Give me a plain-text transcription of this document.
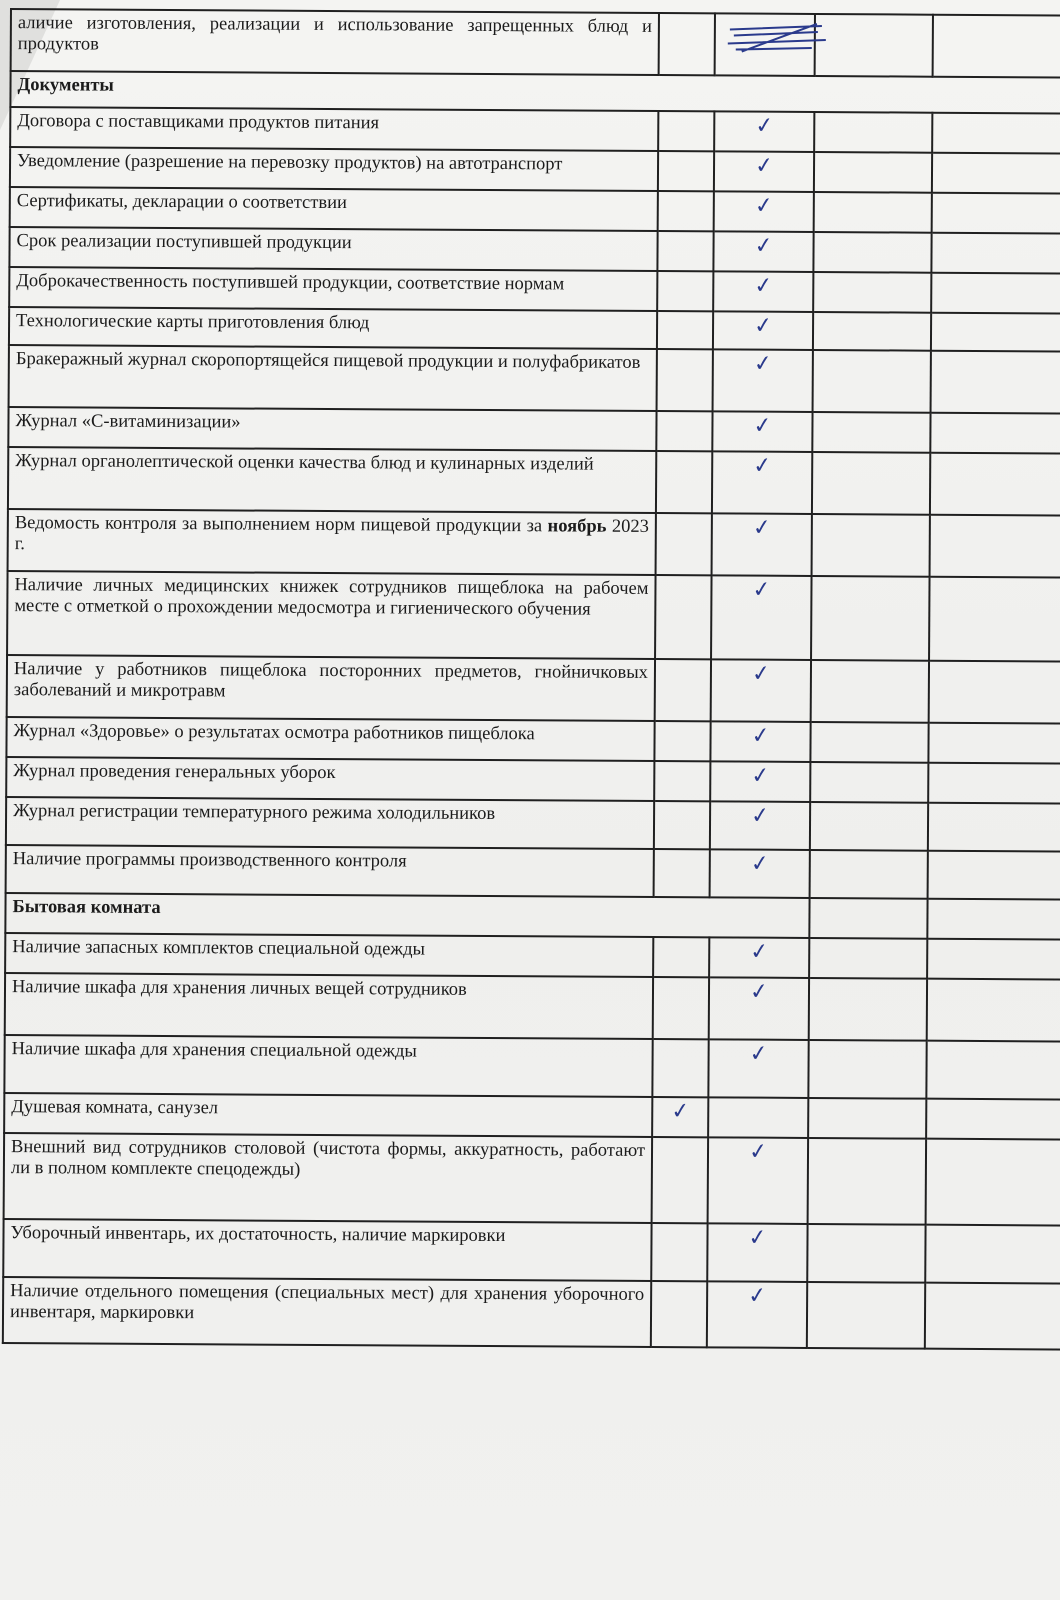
аличие изготовления, реализации и использование запрещенных блюд и продуктов		

Документы				
Договора с поставщиками продуктов питания		✓		
Уведомление (разрешение на перевозку продуктов) на автотранспорт		✓		
Сертификаты, декларации о соответствии		✓		
Срок реализации поступившей продукции		✓		
Доброкачественность поступившей продукции, соответствие нормам		✓		
Технологические карты приготовления блюд		✓		
Бракеражный журнал скоропортящейся пищевой продукции и полуфабрикатов		✓		
Журнал «С-витаминизации»		✓		
Журнал органолептической оценки качества блюд и кулинарных изделий		✓		
Ведомость контроля за выполнением норм пищевой продукции за ноябрь 2023 г.		✓		
Наличие личных медицинских книжек сотрудников пищеблока на рабочем месте с отметкой о прохождении медосмотра и гигиенического обучения		✓		
Наличие у работников пищеблока посторонних предметов, гнойничковых заболеваний и микротравм		✓		
Журнал «Здоровье» о результатах осмотра работников пищеблока		✓		
Журнал проведения генеральных уборок		✓		
Журнал регистрации температурного режима холодильников		✓		
Наличие программы производственного контроля		✓		
Бытовая комната				
Наличие запасных комплектов специальной одежды		✓		
Наличие шкафа для хранения личных вещей сотрудников		✓		
Наличие шкафа для хранения специальной одежды		✓		
Душевая комната, санузел	✓			
Внешний вид сотрудников столовой (чистота формы, аккуратность, работают ли в полном комплекте спецодежды)		✓		
Уборочный инвентарь, их достаточность, наличие маркировки		✓		
Наличие отдельного помещения (специальных мест) для хранения уборочного инвентаря, маркировки		✓		
